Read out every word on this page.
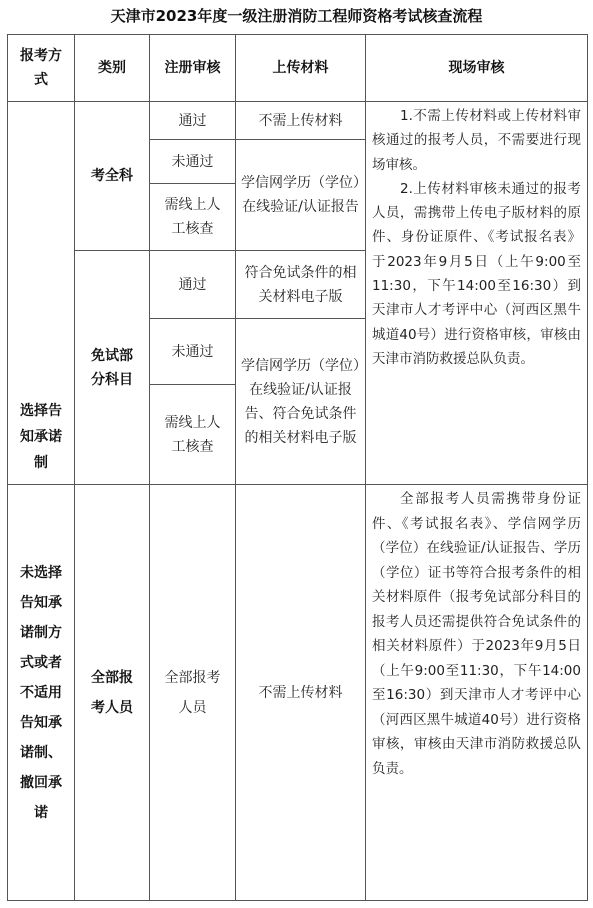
天津市2023年度一级注册消防工程师资格考试核查流程
报考方式	类别	注册审核	上传材料	现场审核

选择告知承诺制	考全科	通过	不需上传材料	1.不需上传材料或上传材料审核通过的报考人员，不需要进行现场审核。

2.上传材料审核未通过的报考人员，需携带上传电子版材料的原件、身份证原件、《考试报名表》于2023年9月5日（上午9:00至11:30，下午14:00至16:30）到天津市人才考评中心（河西区黑牛城道40号）进行资格审核，审核由天津市消防救援总队负责。

		未通过	学信网学历（学位）在线验证/认证报告	

		需线上人工核查		

	免试部分科目	通过	符合免试条件的相关材料电子版	

		未通过	学信网学历（学位）在线验证/认证报告、符合免试条件的相关材料电子版	

		需线上人工核查		

未选择告知承诺制方式或者不适用告知承诺制、撤回承诺	全部报考人员	全部报考人员	不需上传材料	全部报考人员需携带身份证件、《考试报名表》、学信网学历（学位）在线验证/认证报告、学历（学位）证书等符合报考条件的相关材料原件（报考免试部分科目的报考人员还需提供符合免试条件的相关材料原件）于2023年9月5日（上午9:00至11:30，下午14:00至16:30）到天津市人才考评中心（河西区黑牛城道40号）进行资格审核，审核由天津市消防救援总队负责。
